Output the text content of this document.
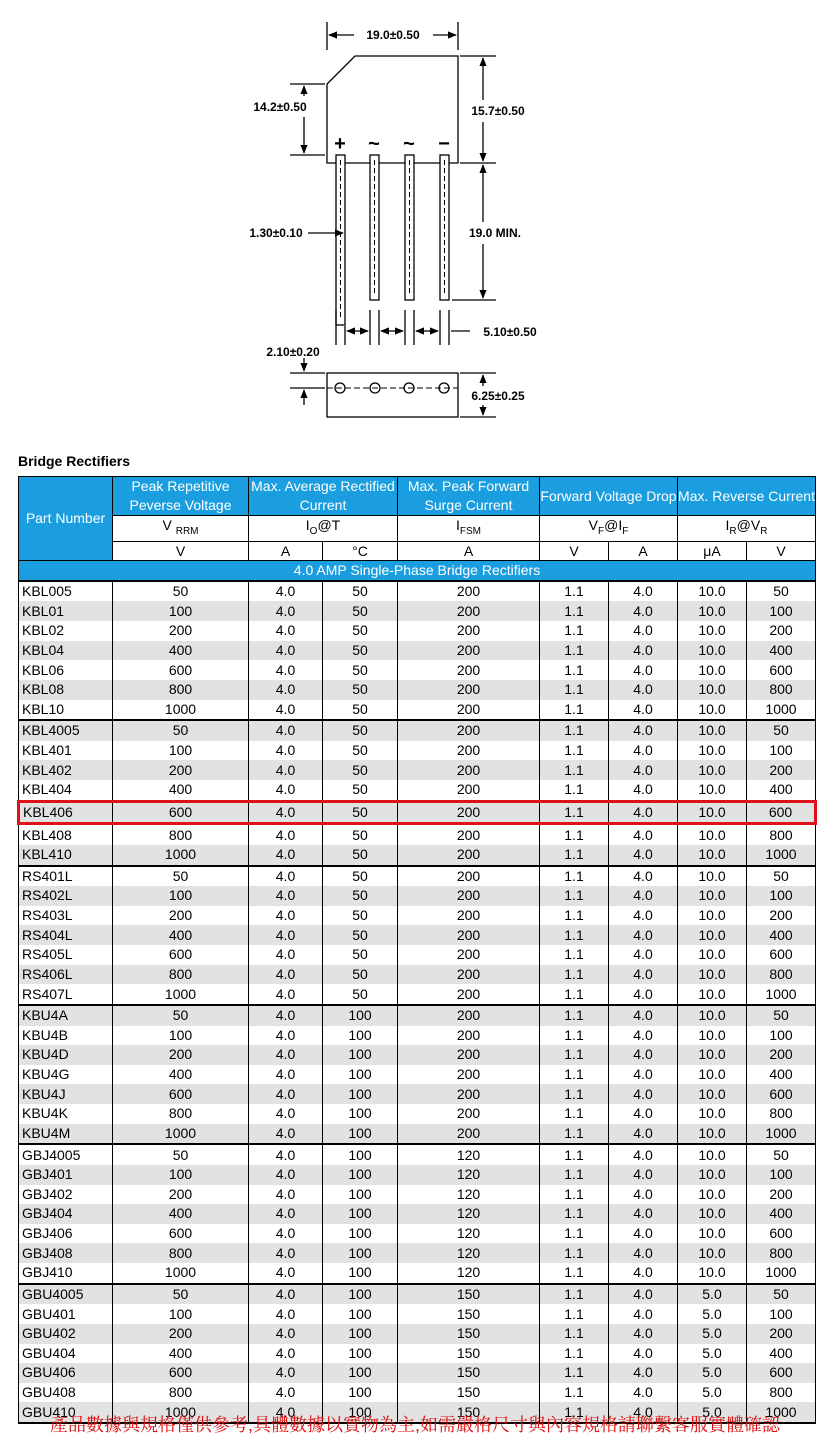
+ ~ ~ −
19.0±0.50
14.2±0.50	15.7±0.50
1.30±0.10	19.0 MIN.
5.10±0.50
2.10±0.20
6.25±0.25
Bridge Rectifiers
Part Number	Peak Repetitive Peverse Voltage	Max. Average Rectified Current		Max. Peak Forward Surge Current	Forward Voltage Drop		Max. Reverse Current	
	V $_{RRM}$	$I_O@T$		$I_{FSM}$	$V_F@I_F$		$I_R@V_R$
	V	A	°C	A	V	A	μA	V
4.0 AMP Single-Phase Bridge Rectifiers								
KBL005	50	4.0	50	200	1.1	4.0	10.0	50
KBL01	100	4.0	50	200	1.1	4.0	10.0	100
KBL02	200	4.0	50	200	1.1	4.0	10.0	200
KBL04	400	4.0	50	200	1.1	4.0	10.0	400
KBL06	600	4.0	50	200	1.1	4.0	10.0	600
KBL08	800	4.0	50	200	1.1	4.0	10.0	800
KBL10	1000	4.0	50	200	1.1	4.0	10.0	1000
KBL4005	50	4.0	50	200	1.1	4.0	10.0	50
KBL401	100	4.0	50	200	1.1	4.0	10.0	100
KBL402	200	4.0	50	200	1.1	4.0	10.0	200
KBL404	400	4.0	50	200	1.1	4.0	10.0	400
KBL406	600	4.0	50	200	1.1	4.0	10.0	600
KBL408	800	4.0	50	200	1.1	4.0	10.0	800
KBL410	1000	4.0	50	200	1.1	4.0	10.0	1000
RS401L	50	4.0	50	200	1.1	4.0	10.0	50
RS402L	100	4.0	50	200	1.1	4.0	10.0	100
RS403L	200	4.0	50	200	1.1	4.0	10.0	200
RS404L	400	4.0	50	200	1.1	4.0	10.0	400
RS405L	600	4.0	50	200	1.1	4.0	10.0	600
RS406L	800	4.0	50	200	1.1	4.0	10.0	800
RS407L	1000	4.0	50	200	1.1	4.0	10.0	1000
KBU4A	50	4.0	100	200	1.1	4.0	10.0	50
KBU4B	100	4.0	100	200	1.1	4.0	10.0	100
KBU4D	200	4.0	100	200	1.1	4.0	10.0	200
KBU4G	400	4.0	100	200	1.1	4.0	10.0	400
KBU4J	600	4.0	100	200	1.1	4.0	10.0	600
KBU4K	800	4.0	100	200	1.1	4.0	10.0	800
KBU4M	1000	4.0	100	200	1.1	4.0	10.0	1000
GBJ4005	50	4.0	100	120	1.1	4.0	10.0	50
GBJ401	100	4.0	100	120	1.1	4.0	10.0	100
GBJ402	200	4.0	100	120	1.1	4.0	10.0	200
GBJ404	400	4.0	100	120	1.1	4.0	10.0	400
GBJ406	600	4.0	100	120	1.1	4.0	10.0	600
GBJ408	800	4.0	100	120	1.1	4.0	10.0	800
GBJ410	1000	4.0	100	120	1.1	4.0	10.0	1000
GBU4005	50	4.0	100	150	1.1	4.0	5.0	50
GBU401	100	4.0	100	150	1.1	4.0	5.0	100
GBU402	200	4.0	100	150	1.1	4.0	5.0	200
GBU404	400	4.0	100	150	1.1	4.0	5.0	400
GBU406	600	4.0	100	150	1.1	4.0	5.0	600
GBU408	800	4.0	100	150	1.1	4.0	5.0	800
GBU410	1000	4.0	100	150	1.1	4.0	5.0	1000
產品數據與規格僅供參考,具體數據以實物為主,如需嚴格尺寸與內容規格請聯繫客服實體確認
